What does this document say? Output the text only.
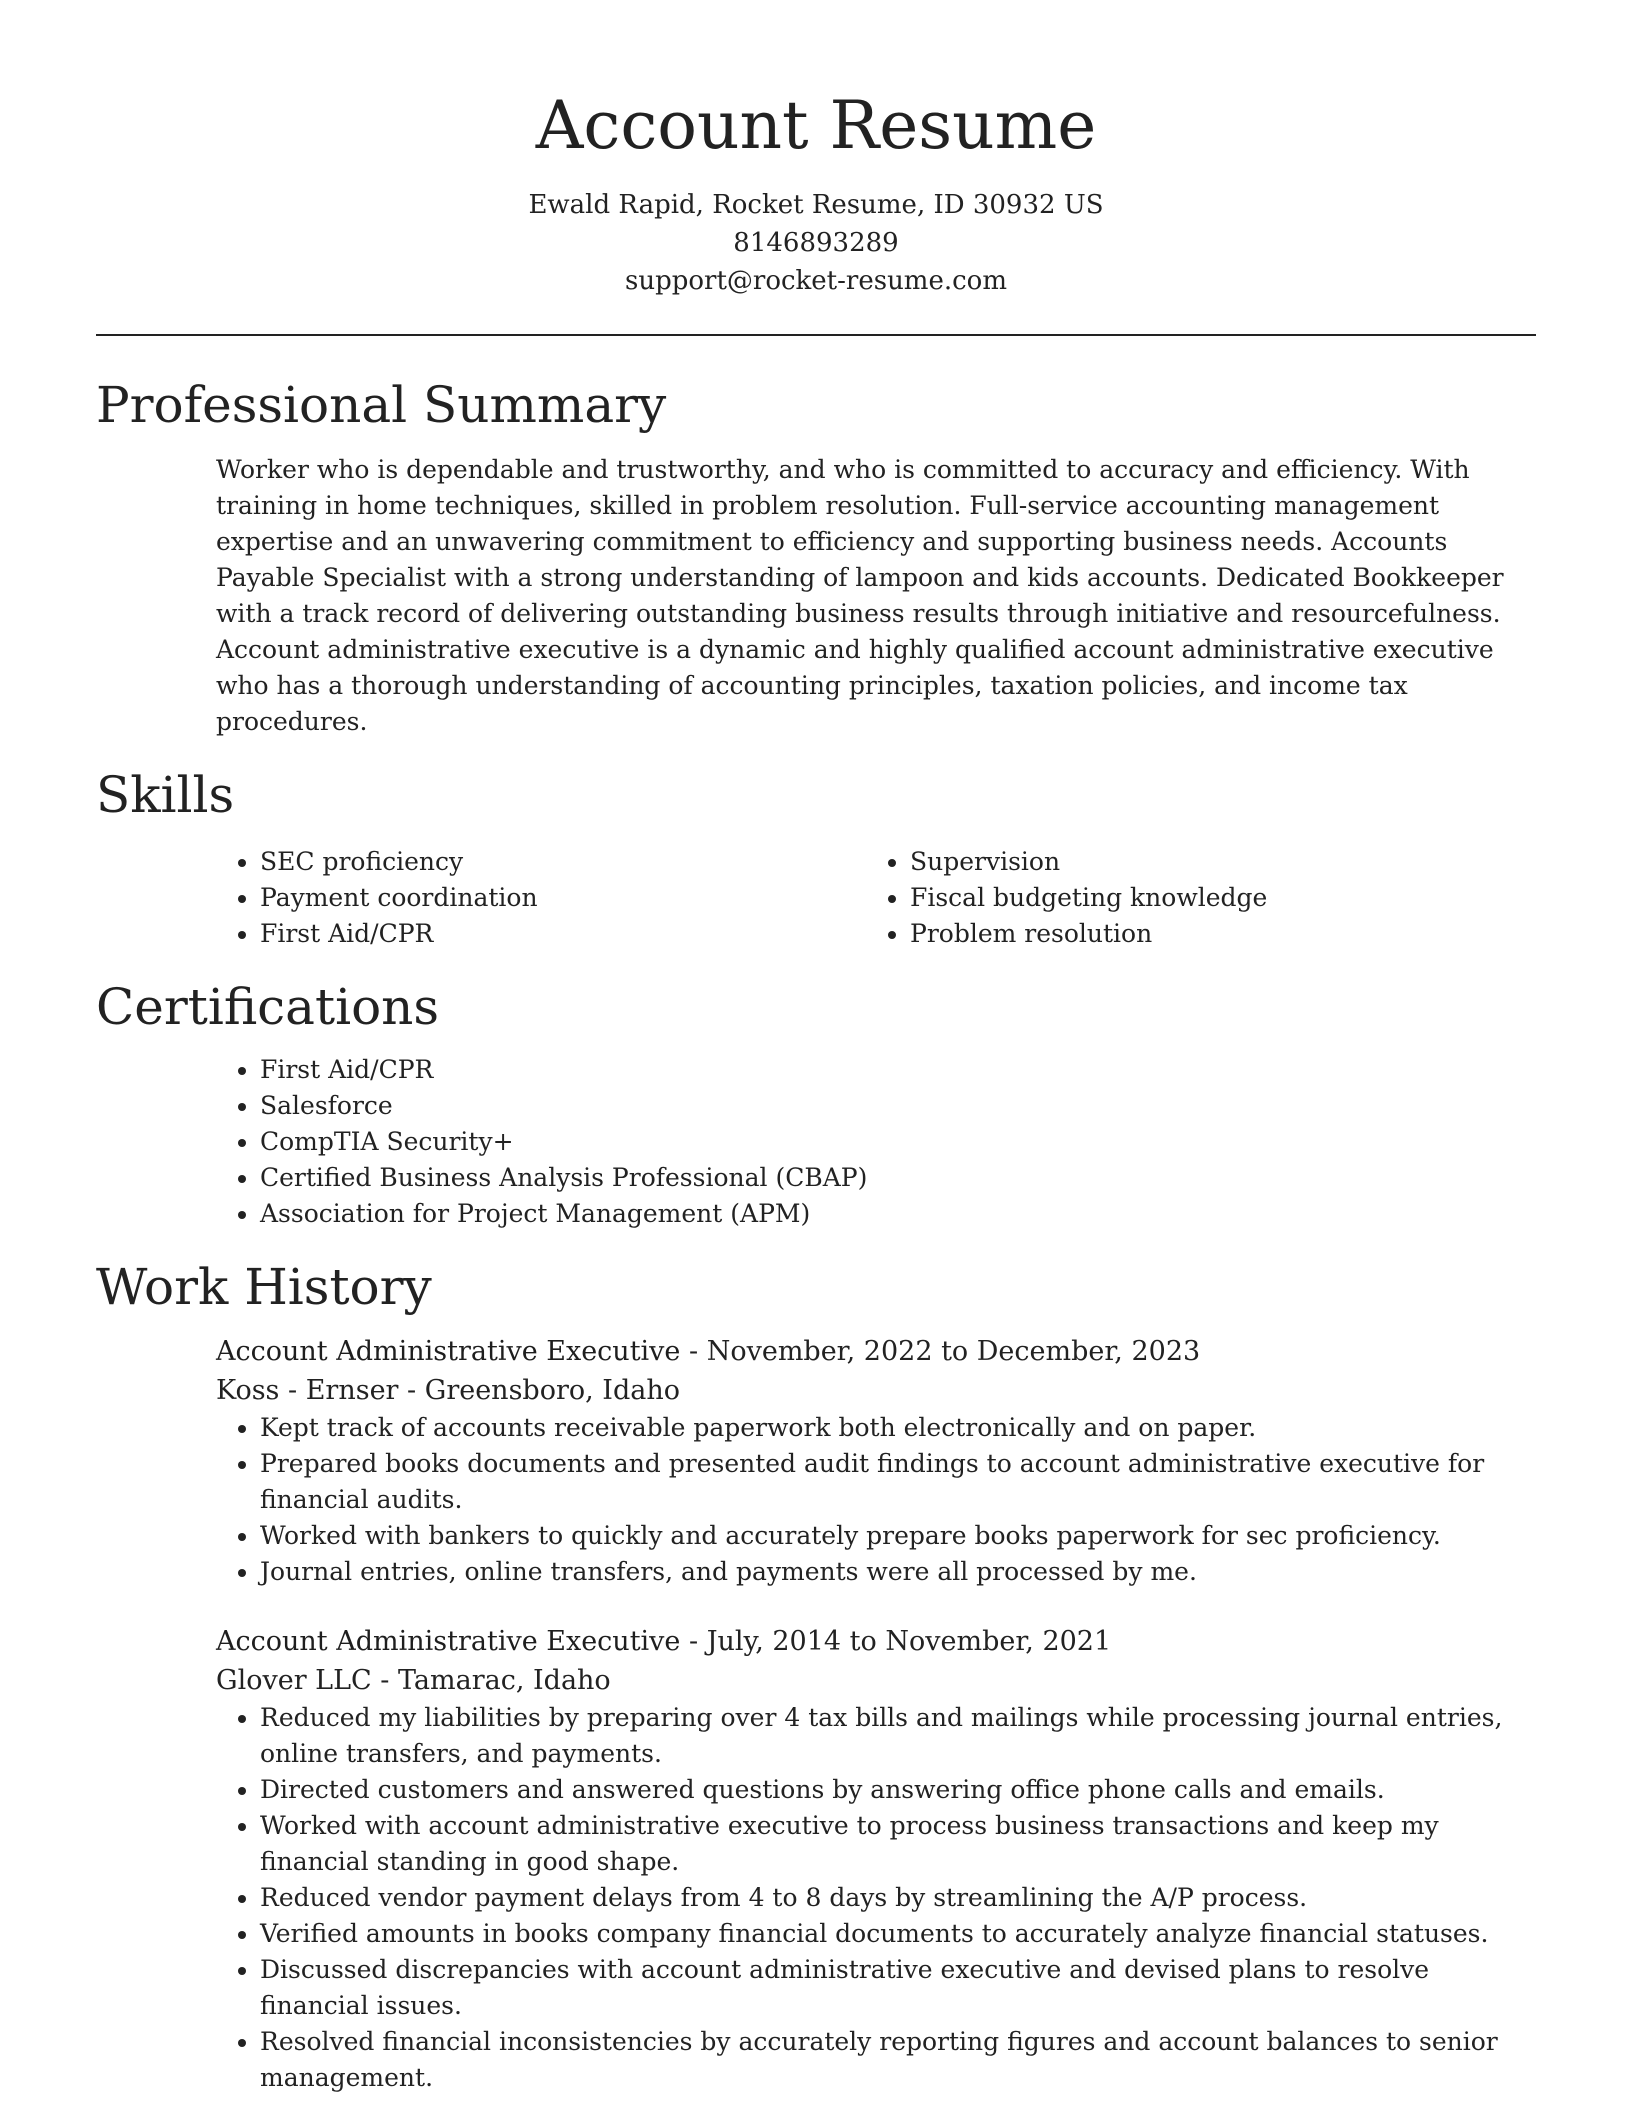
Account Resume
Ewald Rapid, Rocket Resume, ID 30932 US
8146893289
support@rocket-resume.com
Professional Summary
Worker who is dependable and trustworthy, and who is committed to accuracy and efficiency. With training in home techniques, skilled in problem resolution. Full-service accounting management expertise and an unwavering commitment to efficiency and supporting business needs. Accounts Payable Specialist with a strong understanding of lampoon and kids accounts. Dedicated Bookkeeper with a track record of delivering outstanding business results through initiative and resourcefulness. Account administrative executive is a dynamic and highly qualified account administrative executive who has a thorough understanding of accounting principles, taxation policies, and income tax procedures.
Skills
• SEC proficiency
• Payment coordination
• First Aid/CPR
• Supervision
• Fiscal budgeting knowledge
• Problem resolution
Certifications
• First Aid/CPR
• Salesforce
• CompTIA Security+
• Certified Business Analysis Professional (CBAP)
• Association for Project Management (APM)
Work History
Account Administrative Executive - November, 2022 to December, 2023
Koss - Ernser - Greensboro, Idaho
• Kept track of accounts receivable paperwork both electronically and on paper.
• Prepared books documents and presented audit findings to account administrative executive for financial audits.
• Worked with bankers to quickly and accurately prepare books paperwork for sec proficiency.
• Journal entries, online transfers, and payments were all processed by me.
Account Administrative Executive - July, 2014 to November, 2021
Glover LLC - Tamarac, Idaho
• Reduced my liabilities by preparing over 4 tax bills and mailings while processing journal entries, online transfers, and payments.
• Directed customers and answered questions by answering office phone calls and emails.
• Worked with account administrative executive to process business transactions and keep my financial standing in good shape.
• Reduced vendor payment delays from 4 to 8 days by streamlining the A/P process.
• Verified amounts in books company financial documents to accurately analyze financial statuses.
• Discussed discrepancies with account administrative executive and devised plans to resolve financial issues.
• Resolved financial inconsistencies by accurately reporting figures and account balances to senior management.
